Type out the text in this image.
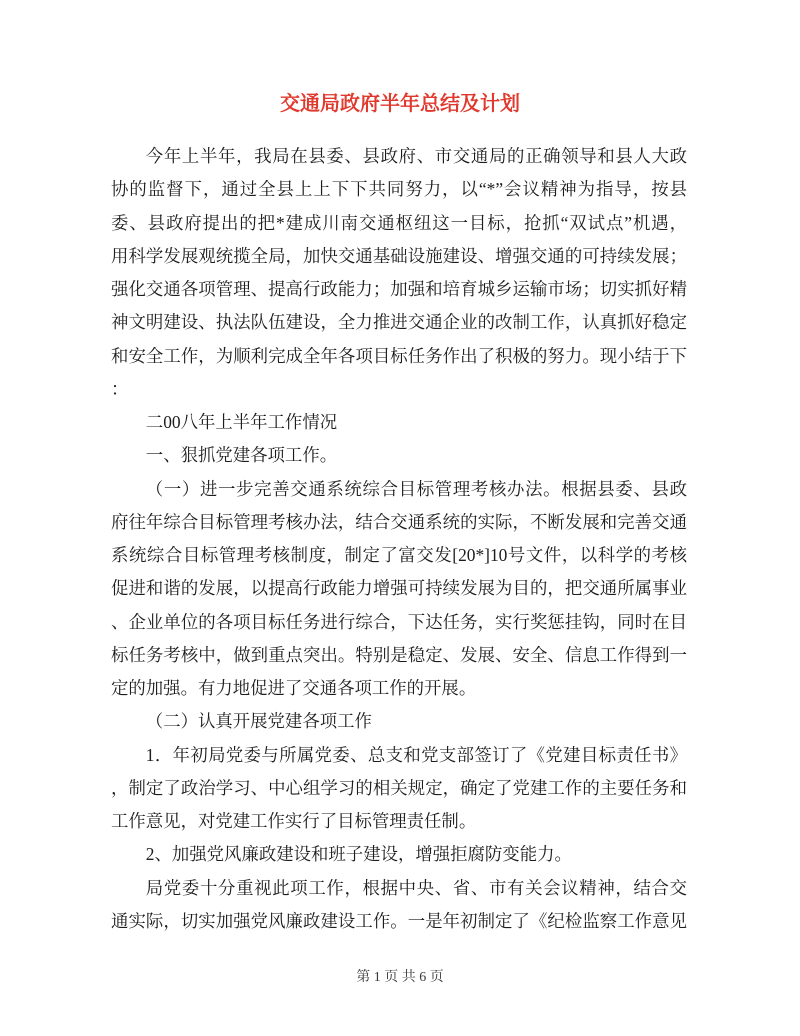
交通局政府半年总结及计划
今年上半年，我局在县委、县政府、市交通局的正确领导和县人大政
协的监督下，通过全县上上下下共同努力，以“*”会议精神为指导，按县
委、县政府提出的把*建成川南交通枢纽这一目标，抢抓“双试点”机遇，
用科学发展观统揽全局，加快交通基础设施建设、增强交通的可持续发展；
强化交通各项管理、提高行政能力；加强和培育城乡运输市场；切实抓好精
神文明建设、执法队伍建设，全力推进交通企业的改制工作，认真抓好稳定
和安全工作，为顺利完成全年各项目标任务作出了积极的努力。现小结于下
：
二00八年上半年工作情况
一、狠抓党建各项工作。
（一）进一步完善交通系统综合目标管理考核办法。根据县委、县政
府往年综合目标管理考核办法，结合交通系统的实际，不断发展和完善交通
系统综合目标管理考核制度，制定了富交发[20*]10号文件，以科学的考核
促进和谐的发展，以提高行政能力增强可持续发展为目的，把交通所属事业
、企业单位的各项目标任务进行综合，下达任务，实行奖惩挂钩，同时在目
标任务考核中，做到重点突出。特别是稳定、发展、安全、信息工作得到一
定的加强。有力地促进了交通各项工作的开展。
（二）认真开展党建各项工作
1．年初局党委与所属党委、总支和党支部签订了《党建目标责任书》
，制定了政治学习、中心组学习的相关规定，确定了党建工作的主要任务和
工作意见，对党建工作实行了目标管理责任制。
2、加强党风廉政建设和班子建设，增强拒腐防变能力。
局党委十分重视此项工作，根据中央、省、市有关会议精神，结合交
通实际，切实加强党风廉政建设工作。一是年初制定了《纪检监察工作意见
第 1 页 共 6 页
